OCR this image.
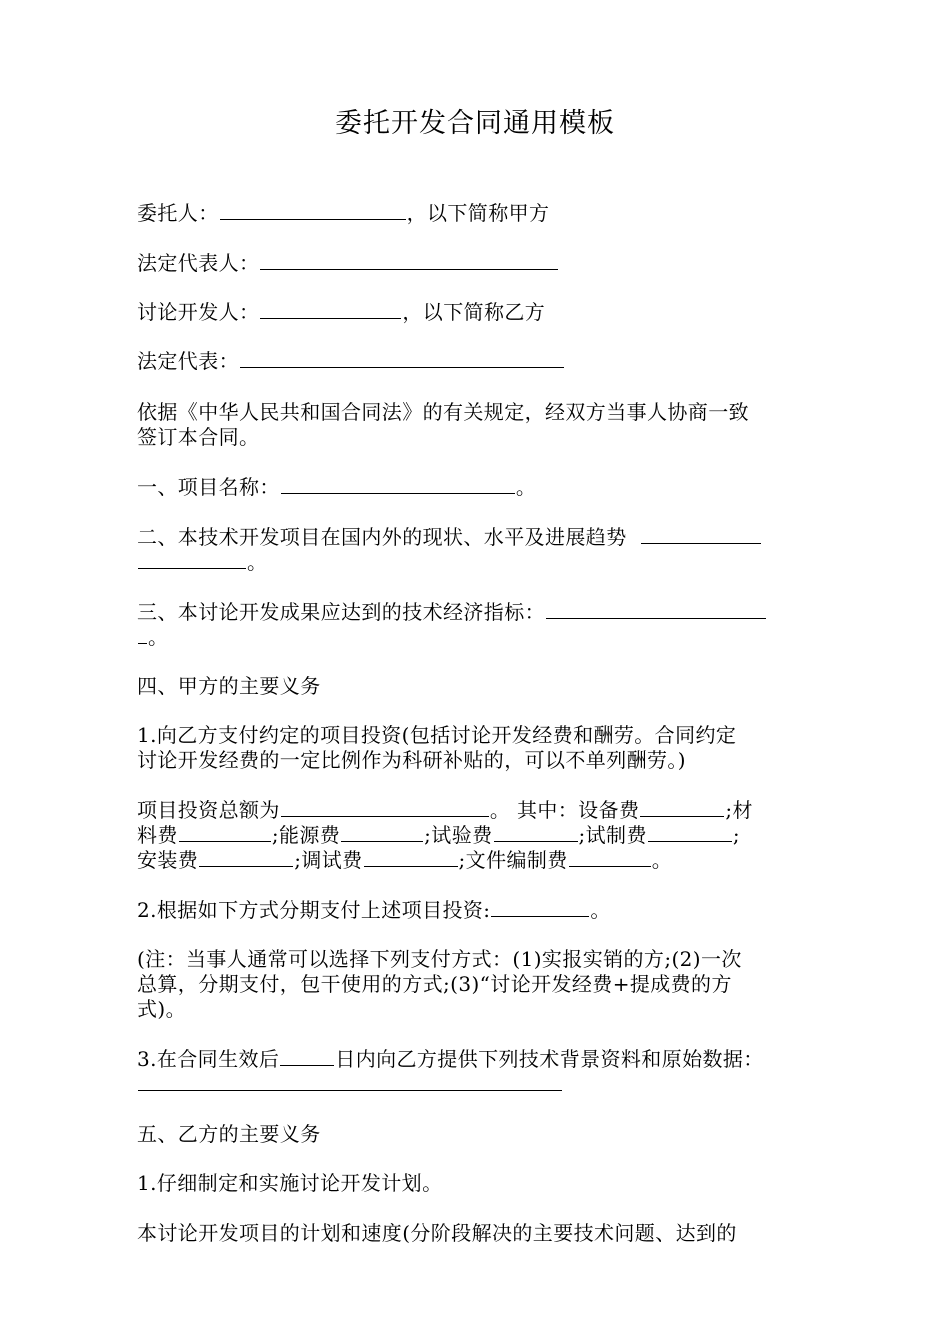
委托开发合同通用模板
委托人：	，以下简称甲方
法定代表人：
讨论开发人：	，以下简称乙方
法定代表：
依据《中华人民共和国合同法》的有关规定，经双方当事人协商一致
签订本合同。
一、项目名称：	。
二、本技术开发项目在国内外的现状、水平及进展趋势
。
三、本讨论开发成果应达到的技术经济指标：
。
四、甲方的主要义务
1.向乙方支付约定的项目投资(包括讨论开发经费和酬劳。合同约定
讨论开发经费的一定比例作为科研补贴的，可以不单列酬劳。)
项目投资总额为	。 其中：设备费	;材
料费	;能源费	;试验费	;试制费	;
安装费	;调试费	;文件编制费	。
2.根据如下方式分期支付上述项目投资:	。
(注：当事人通常可以选择下列支付方式：(1)实报实销的方;(2)一次
总算，分期支付，包干使用的方式;(3)“讨论开发经费+提成费的方
式)。
3.在合同生效后	日内向乙方提供下列技术背景资料和原始数据：
五、乙方的主要义务
1.仔细制定和实施讨论开发计划。
本讨论开发项目的计划和速度(分阶段解决的主要技术问题、达到的
